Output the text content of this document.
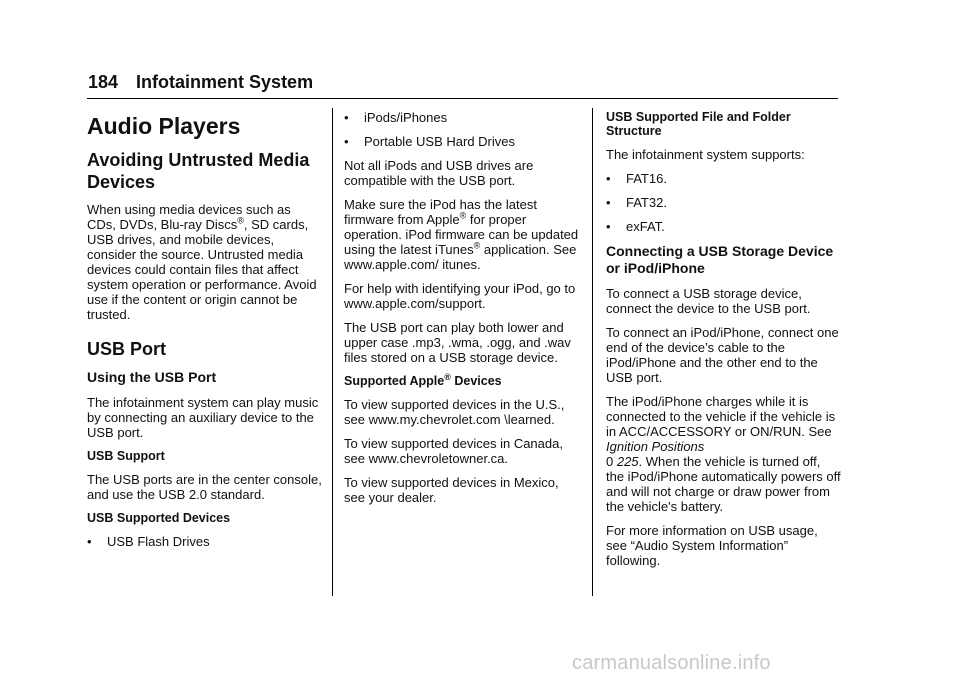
184 Infotainment System
Audio Players
Avoiding Untrusted Media Devices

When using media devices such as CDs, DVDs, Blu-ray Discs®, SD cards, USB drives, and mobile devices, consider the source. Untrusted media devices could contain files that affect system operation or performance. Avoid use if the content or origin cannot be trusted.

USB Port
Using the USB Port

The infotainment system can play music by connecting an auxiliary device to the USB port.

USB Support

The USB ports are in the center console, and use the USB 2.0 standard.

USB Supported Devices
• USB Flash Drives
• iPods/iPhones
• Portable USB Hard Drives

Not all iPods and USB drives are compatible with the USB port.

Make sure the iPod has the latest firmware from Apple® for proper operation. iPod firmware can be updated using the latest iTunes® application. See www.apple.com/ itunes.

For help with identifying your iPod, go to www.apple.com/support.

The USB port can play both lower and upper case .mp3, .wma, .ogg, and .wav files stored on a USB storage device.

Supported Apple® Devices

To view supported devices in the U.S., see www.my.chevrolet.com \learned.

To view supported devices in Canada, see www.chevroletowner.ca.

To view supported devices in Mexico, see your dealer.

USB Supported File and Folder Structure

The infotainment system supports:

• FAT16.
• FAT32.
• exFAT.
Connecting a USB Storage Device or iPod/iPhone

To connect a USB storage device, connect the device to the USB port.

To connect an iPod/iPhone, connect one end of the device’s cable to the iPod/iPhone and the other end to the USB port.

The iPod/iPhone charges while it is connected to the vehicle if the vehicle is in ACC/ACCESSORY or ON/RUN. See Ignition Positions
0 225. When the vehicle is turned off, the iPod/iPhone automatically powers off and will not charge or draw power from the vehicle's battery.

For more information on USB usage, see “Audio System Information” following.

carmanualsonline.info
